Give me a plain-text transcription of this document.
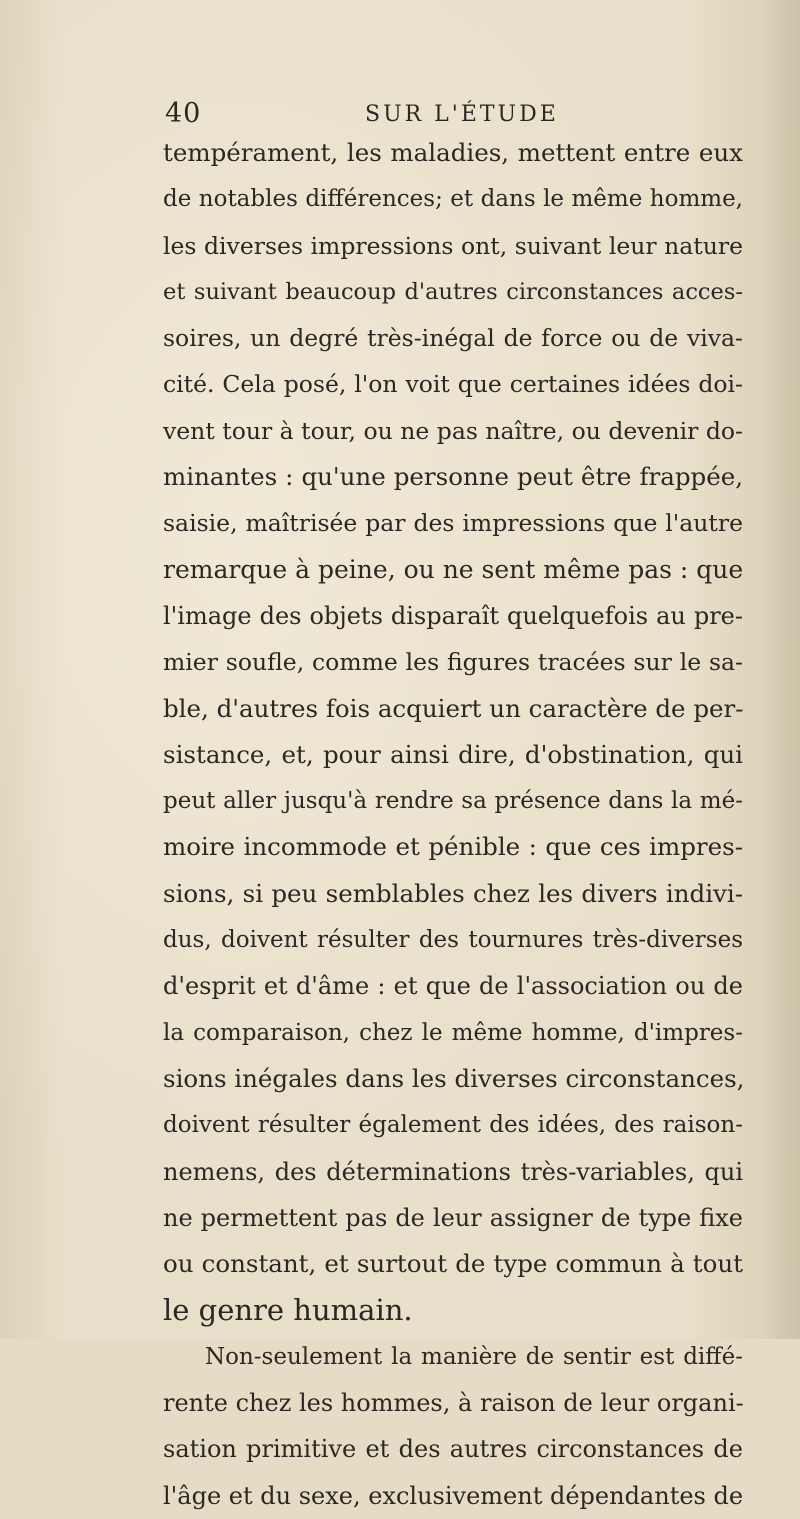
40	SUR L'ÉTUDE
tempérament, les maladies, mettent entre eux
de notables différences; et dans le même homme,
les diverses impressions ont, suivant leur nature
et suivant beaucoup d'autres circonstances acces-
soires, un degré très-inégal de force ou de viva-
cité. Cela posé, l'on voit que certaines idées doi-
vent tour à tour, ou ne pas naître, ou devenir do-
minantes : qu'une personne peut être frappée,
saisie, maîtrisée par des impressions que l'autre
remarque à peine, ou ne sent même pas : que
l'image des objets disparaît quelquefois au pre-
mier soufle, comme les figures tracées sur le sa-
ble, d'autres fois acquiert un caractère de per-
sistance, et, pour ainsi dire, d'obstination, qui
peut aller jusqu'à rendre sa présence dans la mé-
moire incommode et pénible : que ces impres-
sions, si peu semblables chez les divers indivi-
dus, doivent résulter des tournures très-diverses
d'esprit et d'âme : et que de l'association ou de
la comparaison, chez le même homme, d'impres-
sions inégales dans les diverses circonstances,
doivent résulter également des idées, des raison-
nemens, des déterminations très-variables, qui
ne permettent pas de leur assigner de type fixe
ou constant, et surtout de type commun à tout
le genre humain.
Non-seulement la manière de sentir est diffé-
rente chez les hommes, à raison de leur organi-
sation primitive et des autres circonstances de
l'âge et du sexe, exclusivement dépendantes de
